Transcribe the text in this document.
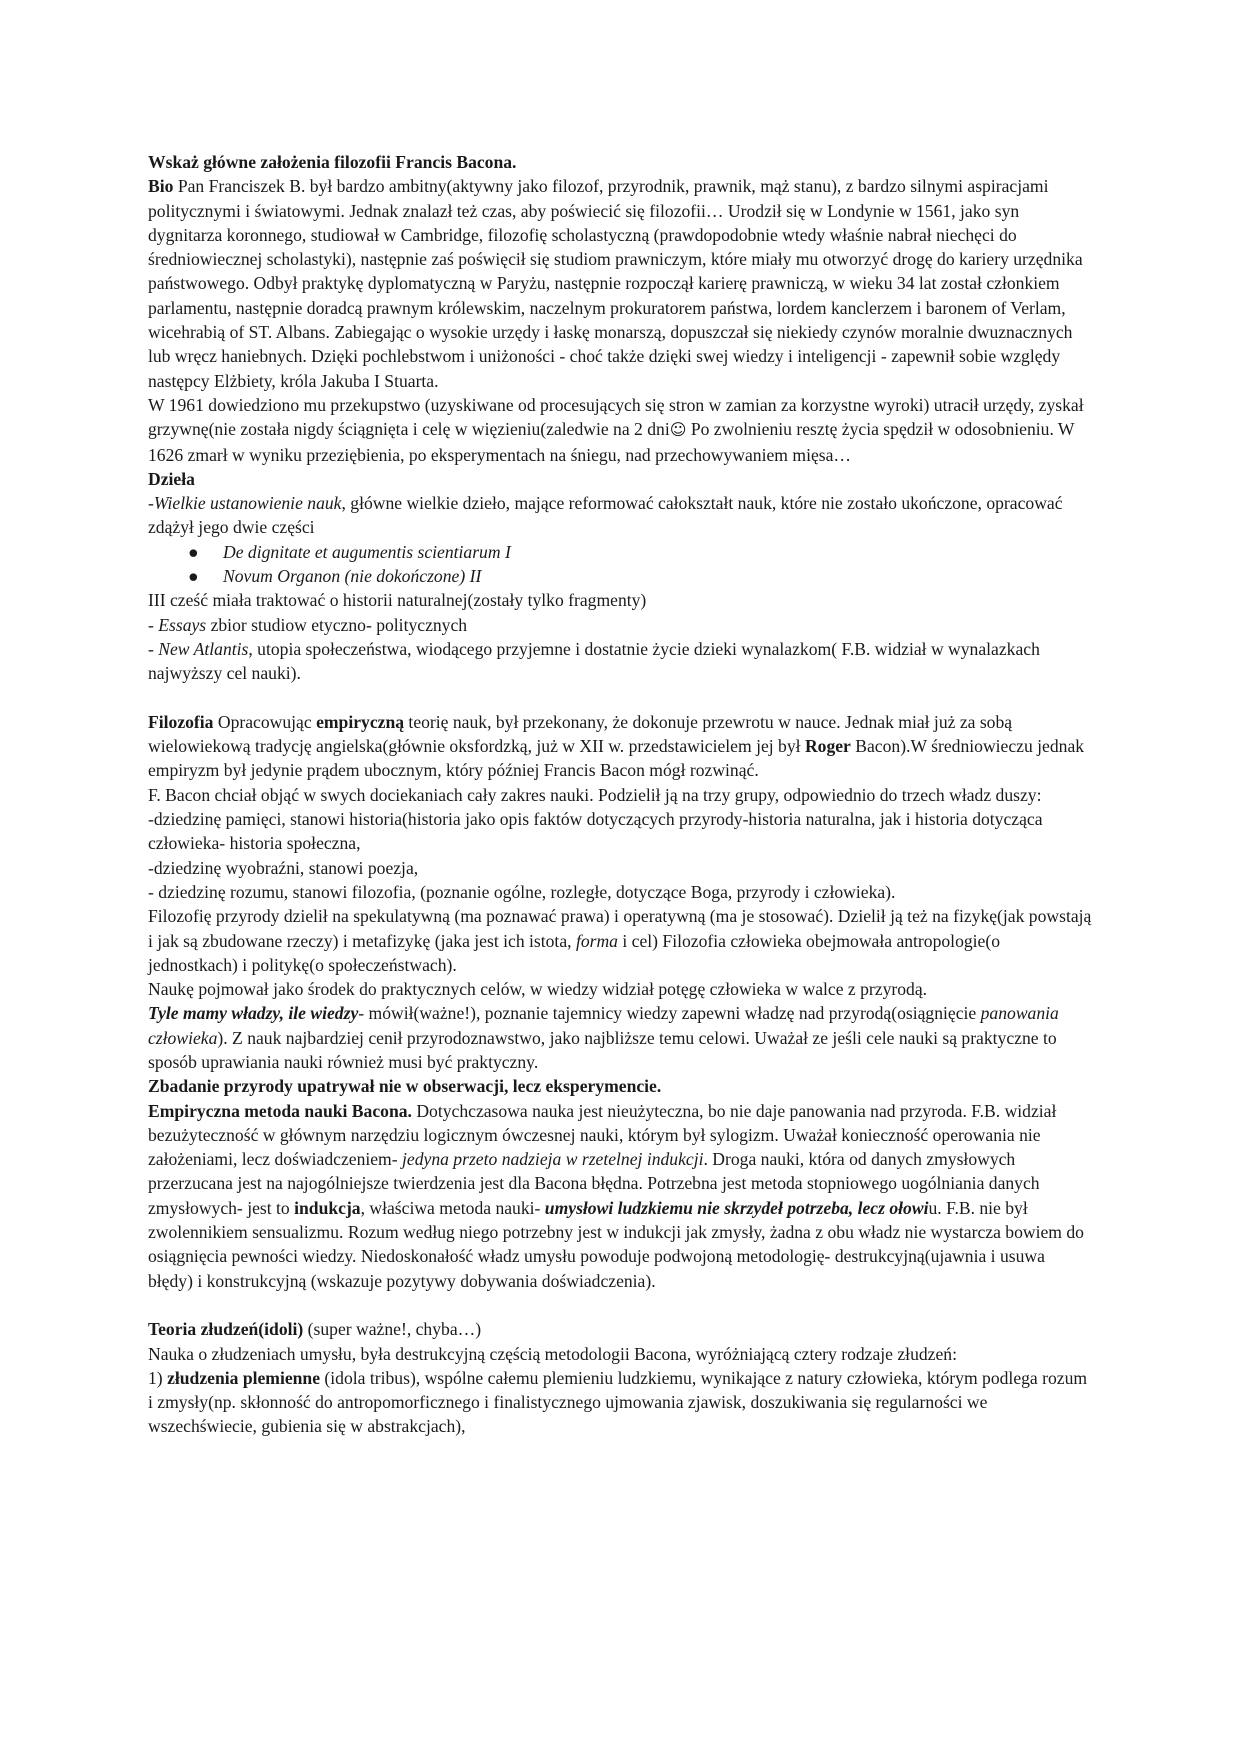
Wskaż główne założenia filozofii Francis Bacona.

Bio Pan Franciszek B. był bardzo ambitny(aktywny jako filozof, przyrodnik, prawnik, mąż stanu), z bardzo silnymi aspiracjami politycznymi i światowymi. Jednak znalazł też czas, aby poświecić się filozofii… Urodził się w Londynie w 1561, jako syn dygnitarza koronnego, studiował w Cambridge, filozofię scholastyczną (prawdopodobnie wtedy właśnie nabrał niechęci do średniowiecznej scholastyki), następnie zaś poświęcił się studiom prawniczym, które miały mu otworzyć drogę do kariery urzędnika państwowego. Odbył praktykę dyplomatyczną w Paryżu, następnie rozpoczął karierę prawniczą, w wieku 34 lat został członkiem parlamentu, następnie doradcą prawnym królewskim, naczelnym prokuratorem państwa, lordem kanclerzem i baronem of Verlam, wicehrabią of ST. Albans. Zabiegając o wysokie urzędy i łaskę monarszą, dopuszczał się niekiedy czynów moralnie dwuznacznych lub wręcz haniebnych. Dzięki pochlebstwom i uniżoności - choć także dzięki swej wiedzy i inteligencji - zapewnił sobie względy następcy Elżbiety, króla Jakuba I Stuarta.

W 1961 dowiedziono mu przekupstwo (uzyskiwane od procesujących się stron w zamian za korzystne wyroki) utracił urzędy, zyskał grzywnę(nie została nigdy ściągnięta i celę w więzieniu(zaledwie na 2 dni☺ Po zwolnieniu resztę życia spędził w odosobnieniu. W 1626 zmarł w wyniku przeziębienia, po eksperymentach na śniegu, nad przechowywaniem mięsa…

Dzieła

-Wielkie ustanowienie nauk, główne wielkie dzieło, mające reformować całokształt nauk, które nie zostało ukończone, opracować zdążył jego dwie części

● De dignitate et augumentis scientiarum I
● Novum Organon (nie dokończone) II

III cześć miała traktować o historii naturalnej(zostały tylko fragmenty)

- Essays zbior studiow etyczno- politycznych

- New Atlantis, utopia społeczeństwa, wiodącego przyjemne i dostatnie życie dzieki wynalazkom( F.B. widział w wynalazkach najwyższy cel nauki).

Filozofia Opracowując empiryczną teorię nauk, był przekonany, że dokonuje przewrotu w nauce. Jednak miał już za sobą wielowiekową tradycję angielska(głównie oksfordzką, już w XII w. przedstawicielem jej był Roger Bacon).W średniowieczu jednak empiryzm był jedynie prądem ubocznym, który później Francis Bacon mógł rozwinąć.

F. Bacon chciał objąć w swych dociekaniach cały zakres nauki. Podzielił ją na trzy grupy, odpowiednio do trzech władz duszy:

-dziedzinę pamięci, stanowi historia(historia jako opis faktów dotyczących przyrody-historia naturalna, jak i historia dotycząca człowieka- historia społeczna,

-dziedzinę wyobraźni, stanowi poezja,

- dziedzinę rozumu, stanowi filozofia, (poznanie ogólne, rozległe, dotyczące Boga, przyrody i człowieka).

Filozofię przyrody dzielił na spekulatywną (ma poznawać prawa) i operatywną (ma je stosować). Dzielił ją też na fizykę(jak powstają i jak są zbudowane rzeczy) i metafizykę (jaka jest ich istota, forma i cel) Filozofia człowieka obejmowała antropologie(o jednostkach) i politykę(o społeczeństwach).

Naukę pojmował jako środek do praktycznych celów, w wiedzy widział potęgę człowieka w walce z przyrodą.

Tyle mamy władzy, ile wiedzy- mówił(ważne!), poznanie tajemnicy wiedzy zapewni władzę nad przyrodą(osiągnięcie panowania człowieka). Z nauk najbardziej cenił przyrodoznawstwo, jako najbliższe temu celowi. Uważał ze jeśli cele nauki są praktyczne to sposób uprawiania nauki również musi być praktyczny.

Zbadanie przyrody upatrywał nie w obserwacji, lecz eksperymencie.

Empiryczna metoda nauki Bacona. Dotychczasowa nauka jest nieużyteczna, bo nie daje panowania nad przyroda. F.B. widział bezużyteczność w głównym narzędziu logicznym ówczesnej nauki, którym był sylogizm. Uważał konieczność operowania nie założeniami, lecz doświadczeniem- jedyna przeto nadzieja w rzetelnej indukcji. Droga nauki, która od danych zmysłowych przerzucana jest na najogólniejsze twierdzenia jest dla Bacona błędna. Potrzebna jest metoda stopniowego uogólniania danych zmysłowych- jest to indukcja, właściwa metoda nauki- umysłowi ludzkiemu nie skrzydeł potrzeba, lecz ołowiu. F.B. nie był zwolennikiem sensualizmu. Rozum według niego potrzebny jest w indukcji jak zmysły, żadna z obu władz nie wystarcza bowiem do osiągnięcia pewności wiedzy. Niedoskonałość władz umysłu powoduje podwojoną metodologię- destrukcyjną(ujawnia i usuwa błędy) i konstrukcyjną (wskazuje pozytywy dobywania doświadczenia).

Teoria złudzeń(idoli) (super ważne!, chyba…)

Nauka o złudzeniach umysłu, była destrukcyjną częścią metodologii Bacona, wyróżniającą cztery rodzaje złudzeń:

1) złudzenia plemienne (idola tribus), wspólne całemu plemieniu ludzkiemu, wynikające z natury człowieka, którym podlega rozum i zmysły(np. skłonność do antropomorficznego i finalistycznego ujmowania zjawisk, doszukiwania się regularności we wszechświecie, gubienia się w abstrakcjach),
